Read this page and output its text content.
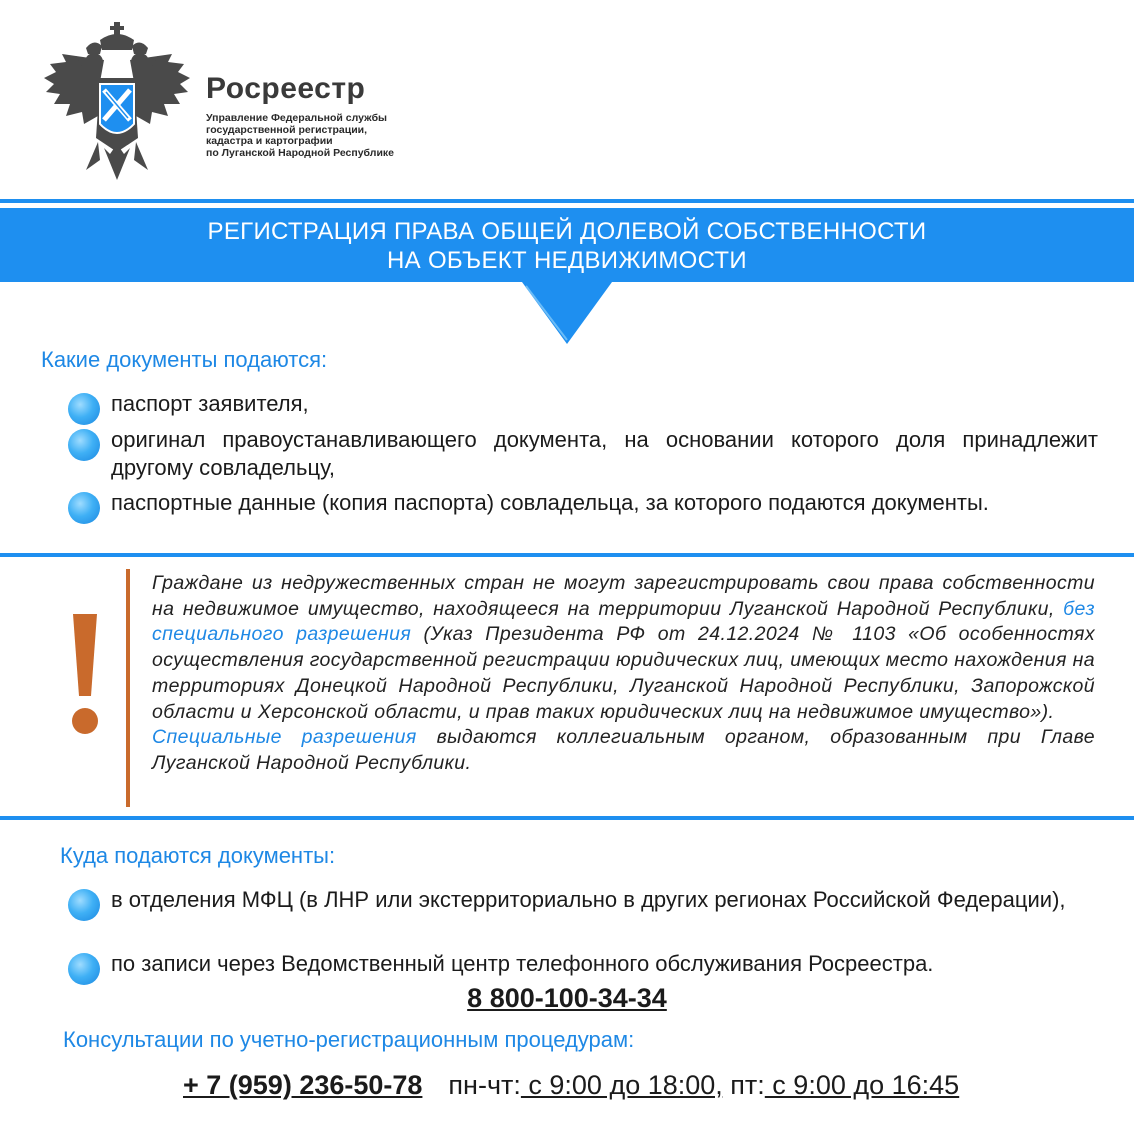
Росреестр
Управление Федеральной службы
государственной регистрации,
кадастра и картографии
по Луганской Народной Республике
РЕГИСТРАЦИЯ ПРАВА ОБЩЕЙ ДОЛЕВОЙ СОБСТВЕННОСТИ
НА ОБЪЕКТ НЕДВИЖИМОСТИ
Какие документы подаются:
паспорт заявителя,
оригинал правоустанавливающего документа, на основании которого доля принадлежит другому совладельцу,
паспортные данные (копия паспорта) совладельца, за которого подаются документы.
Граждане из недружественных стран не могут зарегистрировать свои права собственности на недвижимое имущество, находящееся на территории Луганской Народной Республики, без специального разрешения (Указ Президента РФ от 24.12.2024 № 1103 «Об особенностях осуществления государственной регистрации юридических лиц, имеющих место нахождения на территориях Донецкой Народной Республики, Луганской Народной Республики, Запорожской области и Херсонской области, и прав таких юридических лиц на недвижимое имущество»).
Специальные разрешения выдаются коллегиальным органом, образованным при Главе Луганской Народной Республики.
Куда подаются документы:
в отделения МФЦ (в ЛНР или экстерриториально в других регионах Российской Федерации),
по записи через Ведомственный центр телефонного обслуживания Росреестра.
8 800-100-34-34
Консультации по учетно-регистрационным процедурам:
+ 7 (959) 236-50-78 пн-чт: с 9:00 до 18:00, пт: с 9:00 до 16:45
